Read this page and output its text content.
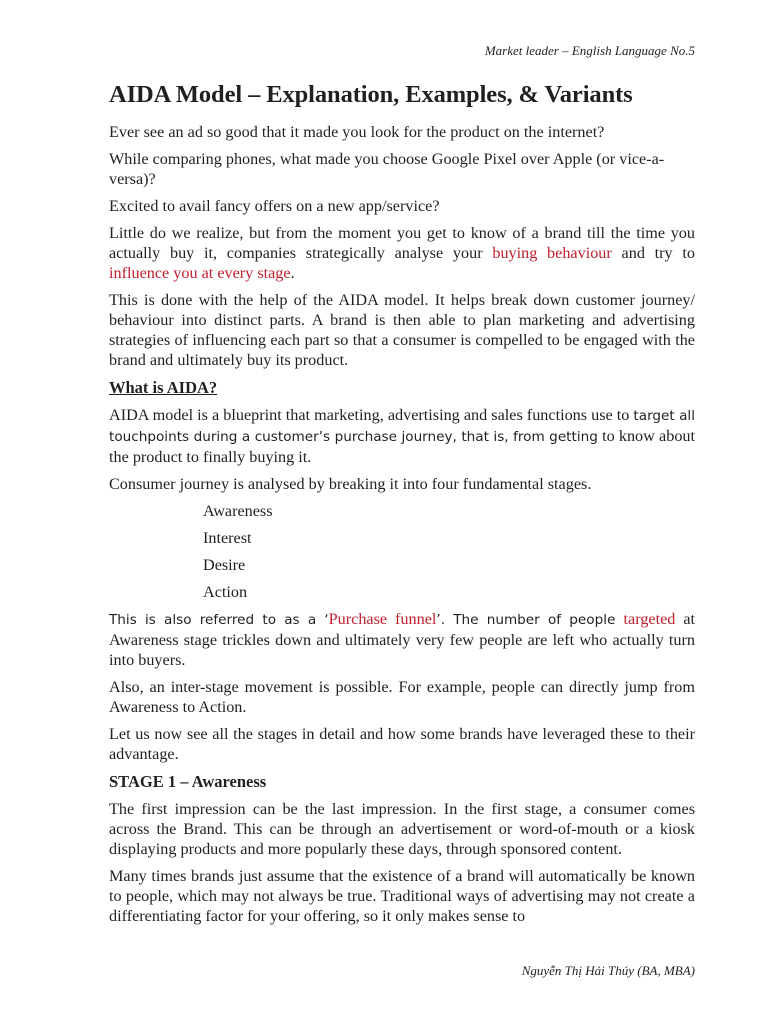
Market leader – English Language No.5
AIDA Model – Explanation, Examples, & Variants

Ever see an ad so good that it made you look for the product on the internet?

While comparing phones, what made you choose Google Pixel over Apple (or vice-a-versa)?

Excited to avail fancy offers on a new app/service?

Little do we realize, but from the moment you get to know of a brand till the time you actually buy it, companies strategically analyse your buying behaviour and try to influence you at every stage.

This is done with the help of the AIDA model. It helps break down customer journey/ behaviour into distinct parts. A brand is then able to plan marketing and advertising strategies of influencing each part so that a consumer is compelled to be engaged with the brand and ultimately buy its product.

What is AIDA?

AIDA model is a blueprint that marketing, advertising and sales functions use to target all touchpoints during a customer’s purchase journey, that is, from getting to know about the product to finally buying it.

Consumer journey is analysed by breaking it into four fundamental stages.

Awareness
Interest
Desire
Action

This is also referred to as a ‘Purchase funnel’. The number of people targeted at Awareness stage trickles down and ultimately very few people are left who actually turn into buyers.

Also, an inter-stage movement is possible. For example, people can directly jump from Awareness to Action.

Let us now see all the stages in detail and how some brands have leveraged these to their advantage.

STAGE 1 – Awareness

The first impression can be the last impression. In the first stage, a consumer comes across the Brand. This can be through an advertisement or word-of-mouth or a kiosk displaying products and more popularly these days, through sponsored content.

Many times brands just assume that the existence of a brand will automatically be known to people, which may not always be true. Traditional ways of advertising may not create a differentiating factor for your offering, so it only makes sense to

Nguyễn Thị Hải Thúy (BA, MBA)
